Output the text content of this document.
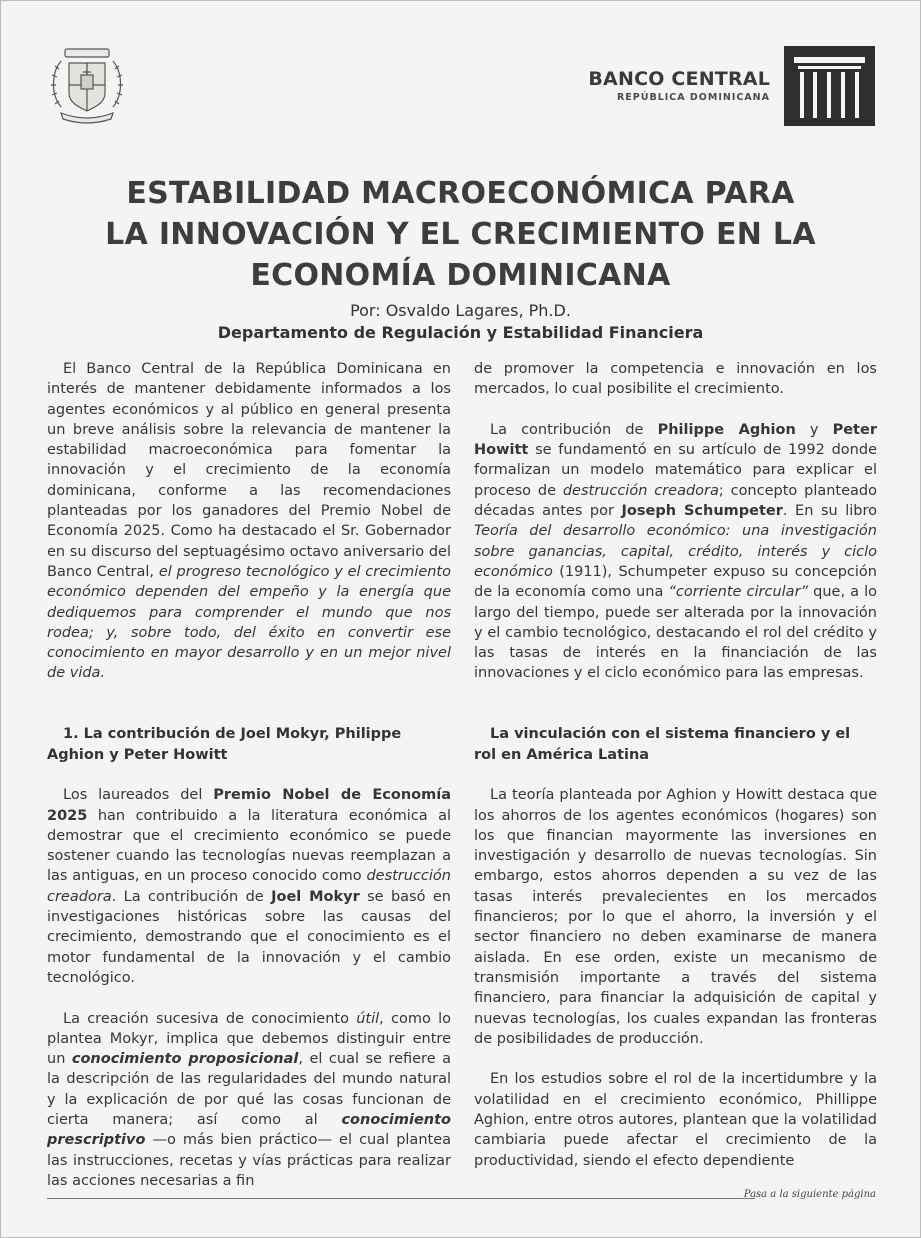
BANCO CENTRAL
REPÚBLICA DOMINICANA
ESTABILIDAD MACROECONÓMICA PARA
LA INNOVACIÓN Y EL CRECIMIENTO EN LA
ECONOMÍA DOMINICANA
Por: Osvaldo Lagares, Ph.D.
Departamento de Regulación y Estabilidad Financiera

El Banco Central de la República Dominicana en interés de mantener debidamente informados a los agentes económicos y al público en general presenta un breve análisis sobre la relevancia de mantener la estabilidad macroeconómica para fomentar la innovación y el crecimiento de la economía dominicana, conforme a las recomendaciones planteadas por los ganadores del Premio Nobel de Economía 2025. Como ha destacado el Sr. Gobernador en su discurso del septuagésimo octavo aniversario del Banco Central, el progreso tecnológico y el crecimiento económico dependen del empeño y la energía que dediquemos para comprender el mundo que nos rodea; y, sobre todo, del éxito en convertir ese conocimiento en mayor desarrollo y en un mejor nivel de vida.

1. La contribución de Joel Mokyr, Philippe Aghion y Peter Howitt

Los laureados del Premio Nobel de Economía 2025 han contribuido a la literatura económica al demostrar que el crecimiento económico se puede sostener cuando las tecnologías nuevas reemplazan a las antiguas, en un proceso conocido como destrucción creadora. La contribución de Joel Mokyr se basó en investigaciones históricas sobre las causas del crecimiento, demostrando que el conocimiento es el motor fundamental de la innovación y el cambio tecnológico.

La creación sucesiva de conocimiento útil, como lo plantea Mokyr, implica que debemos distinguir entre un conocimiento proposicional, el cual se refiere a la descripción de las regularidades del mundo natural y la explicación de por qué las cosas funcionan de cierta manera; así como al conocimiento prescriptivo —o más bien práctico— el cual plantea las instrucciones, recetas y vías prácticas para realizar las acciones necesarias a fin

de promover la competencia e innovación en los mercados, lo cual posibilite el crecimiento.

La contribución de Philippe Aghion y Peter Howitt se fundamentó en su artículo de 1992 donde formalizan un modelo matemático para explicar el proceso de destrucción creadora; concepto planteado décadas antes por Joseph Schumpeter. En su libro Teoría del desarrollo económico: una investigación sobre ganancias, capital, crédito, interés y ciclo económico (1911), Schumpeter expuso su concepción de la economía como una “corriente circular” que, a lo largo del tiempo, puede ser alterada por la innovación y el cambio tecnológico, destacando el rol del crédito y las tasas de interés en la financiación de las innovaciones y el ciclo económico para las empresas.

La vinculación con el sistema financiero y el rol en América Latina

La teoría planteada por Aghion y Howitt destaca que los ahorros de los agentes económicos (hogares) son los que financian mayormente las inversiones en investigación y desarrollo de nuevas tecnologías. Sin embargo, estos ahorros dependen a su vez de las tasas interés prevalecientes en los mercados financieros; por lo que el ahorro, la inversión y el sector financiero no deben examinarse de manera aislada. En ese orden, existe un mecanismo de transmisión importante a través del sistema financiero, para financiar la adquisición de capital y nuevas tecnologías, los cuales expandan las fronteras de posibilidades de producción.

En los estudios sobre el rol de la incertidumbre y la volatilidad en el crecimiento económico, Phillippe Aghion, entre otros autores, plantean que la volatilidad cambiaria puede afectar el crecimiento de la productividad, siendo el efecto dependiente

Pasa a la siguiente página
